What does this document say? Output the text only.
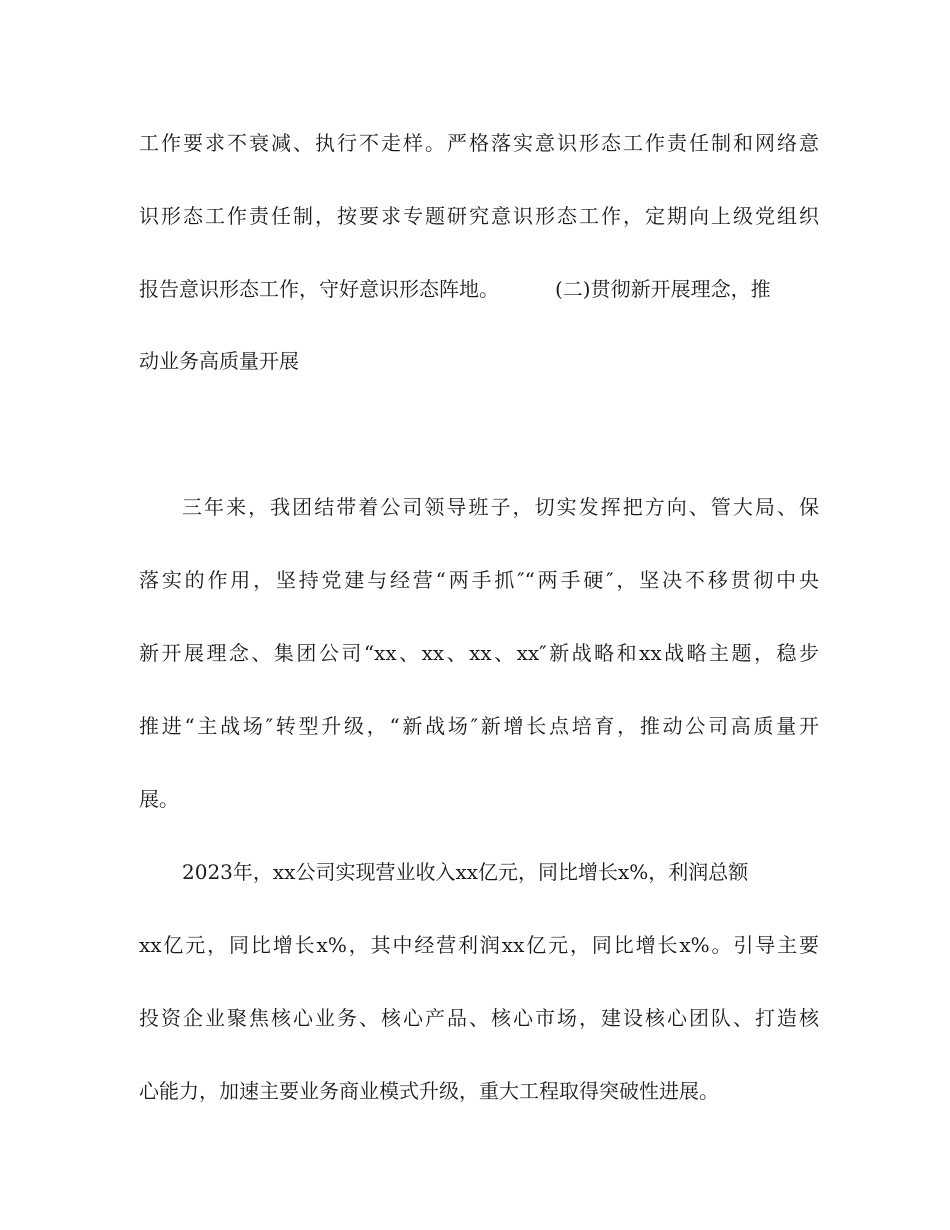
工作要求不衰减、执行不走样。严格落实意识形态工作责任制和网络意
识形态工作责任制，按要求专题研究意识形态工作，定期向上级党组织
报告意识形态工作，守好意识形态阵地。	(二)贯彻新开展理念，推
动业务高质量开展
三年来，我团结带着公司领导班子，切实发挥把方向、管大局、保
落实的作用，坚持党建与经营“两手抓″“两手硬″，坚决不移贯彻中央
新开展理念、集团公司“xx、xx、xx、xx″新战略和xx战略主题，稳步
推进“主战场″转型升级，“新战场″新增长点培育，推动公司高质量开
展。
2023年，xx公司实现营业收入xx亿元，同比增长x%，利润总额
xx亿元，同比增长x%，其中经营利润xx亿元，同比增长x%。引导主要
投资企业聚焦核心业务、核心产品、核心市场，建设核心团队、打造核
心能力，加速主要业务商业模式升级，重大工程取得突破性进展。
